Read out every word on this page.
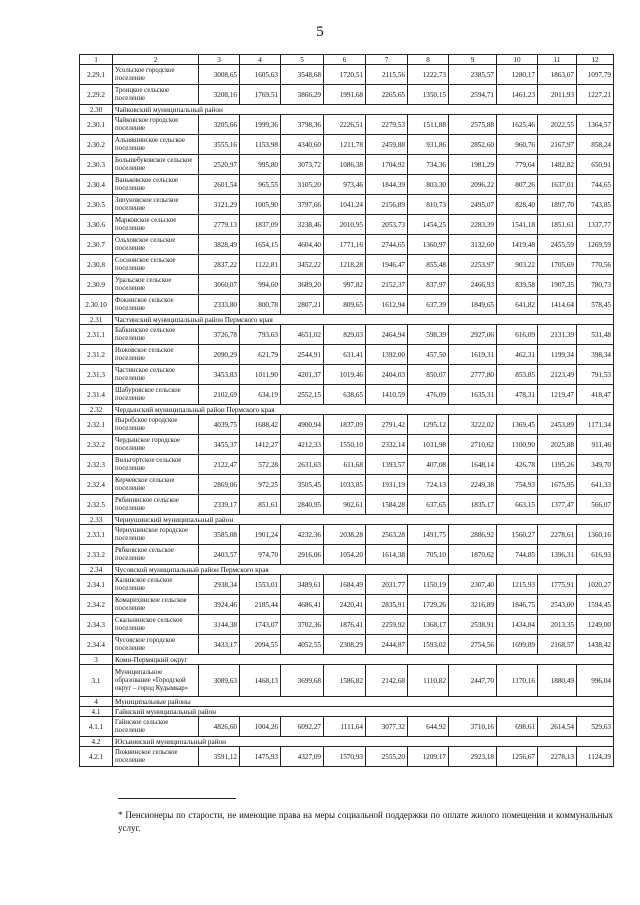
5
1	2	3	4	5	6	7	8	9	10	11	12
2.29.1	Усольское городское поселение	3008,65	1605,63	3548,68	1720,51	2115,56	1222,73	2385,57	1280,17	1863,07	1097,79
2.29.2	Троицкое сельское поселение	3208,16	1769,51	3866,29	1991,68	2265,65	1350,15	2594,71	1461,23	2011,93	1227,21
2.30	Чайковский муниципальный район										
2.30.1	Чайковское городское поселение	3205,66	1999,36	3798,36	2226,51	2279,53	1511,88	2575,88	1625,46	2022,55	1364,57
2.30.2	Альняшинское сельское поселение	3555,16	1153,98	4340,60	1211,78	2459,88	931,86	2852,60	960,76	2167,97	858,24
2.30.3	Большебуковское сельское поселение	2520,97	995,80	3073,72	1086,38	1704,92	734,36	1981,29	779,64	1482,82	650,91
2.30.4	Ваньковское сельское поселение	2601,54	965,55	3105,20	973,46	1844,39	803,30	2096,22	807,26	1637,01	744,65
2.30.5	Зипуновское сельское поселение	3121,29	1005,90	3797,66	1041,24	2156,89	810,73	2495,07	828,40	1897,70	743,85
3.30.6	Марковское сельское поселение	2779,13	1837,09	3238,46	2010,95	2053,73	1454,25	2283,39	1541,18	1851,61	1337,77
2.30.7	Ольховское сельское поселение	3828,49	1654,15	4604,40	1771,16	2744,65	1360,97	3132,60	1419,48	2455,59	1269,59
2.30.8	Сосновское сельское поселение	2837,22	1122,81	3452,22	1218,28	1946,47	855,48	2253,97	903,22	1705,69	770,56
2.30.9	Уральское сельское поселение	3060,07	994,60	3689,20	997,82	2152,37	837,97	2466,93	839,58	1907,35	780,73
2.30.10	Фокинское сельское поселение	2333,80	800,78	2807,21	809,65	1612,94	637,39	1849,65	641,82	1414,64	578,45
2.31	Частинский муниципальный район Пермского края										
2.31.1	Бабкинское сельское поселение	3726,78	793,63	4651,02	829,03	2464,94	598,39	2927,06	616,09	2131,39	531,48
2.31.2	Ножовское сельское поселение	2090,29	621,79	2544,91	631,41	1392,00	457,50	1619,31	462,31	1199,34	398,34
2.31.3	Частинское сельское поселение	3453,83	1011,90	4201,37	1019,46	2404,03	850,07	2777,80	853,85	2123,49	791,53
2.31.4	Шабуровское сельское поселение	2102,69	634,19	2552,15	638,65	1410,59	476,09	1635,31	478,31	1219,47	418,47
2.32	Чердынский муниципальный район Пермского края										
2.32.1	Ныробское городское поселение	4039,75	1688,42	4900,94	1837,09	2791,42	1295,12	3222,02	1369,45	2453,89	1171,34
2.32.2	Чердынское городское поселение	3455,37	1412,27	4212,33	1550,10	2332,14	1031,98	2710,62	1100,90	2025,88	911,46
2.32.3	Вильгортское сельское поселение	2122,47	572,28	2631,63	611,68	1393,57	407,08	1648,14	426,78	1195,26	349,70
2.32.4	Керчевское сельское поселение	2869,06	972,25	3505,45	1033,85	1931,19	724,13	2249,38	754,93	1675,95	641,33
2.32.5	Рябининское сельское поселение	2339,17	851,61	2840,95	902,61	1584,28	637,65	1835,17	663,15	1377,47	566,07
2.33	Чернушинский муниципальный район										
2.33.1	Чернушинское городское поселение	3585,08	1901,24	4232,36	2038,28	2563,28	1491,75	2886,92	1560,27	2278,61	1360,16
2.33.2	Рябковское сельское поселение	2403,57	974,70	2916,06	1054,20	1614,38	705,10	1870,62	744,85	1396,31	616,93
2.34	Чусовской муниципальный район Пермского края										
2.34.1	Калинское сельское поселение	2938,34	1553,01	3489,61	1684,49	2031,77	1150,19	2307,40	1215,93	1775,91	1020,27
2.34.2	Комарихинское сельское поселение	3924,46	2185,44	4686,41	2420,41	2835,91	1729,26	3216,89	1846,75	2543,00	1594,45
2.34.3	Скальнинское сельское поселение	3144,38	1743,07	3702,36	1876,41	2259,92	1368,17	2538,91	1434,84	2013,35	1249,00
2.34.4	Чусовское городское поселение	3433,17	2094,55	4052,55	2308,29	2444,87	1593,02	2754,56	1699,89	2168,57	1438,42
3	Коми-Пермяцкий округ										
3.1	Муниципальное образование «Городской округ – город Кудымкар»	3089,63	1468,13	3699,68	1586,82	2142,68	1110,82	2447,70	1170,16	1880,49	996,04
4	Муниципальные районы										
4.1	Гайнский муниципальный район										
4.1.1	Гайнское сельское поселение	4826,60	1004,26	6092,27	1111,64	3077,32	644,92	3710,16	698,61	2614,54	529,63
4.2	Юсьвинский муниципальный район										
4.2.1	Пожвинское сельское поселение	3591,12	1475,93	4327,09	1570,93	2555,20	1209,17	2923,18	1256,67	2278,13	1124,39
* Пенсионеры по старости, не имеющие права на меры социальной поддержки по оплате жилого помещения и коммунальных услуг.
